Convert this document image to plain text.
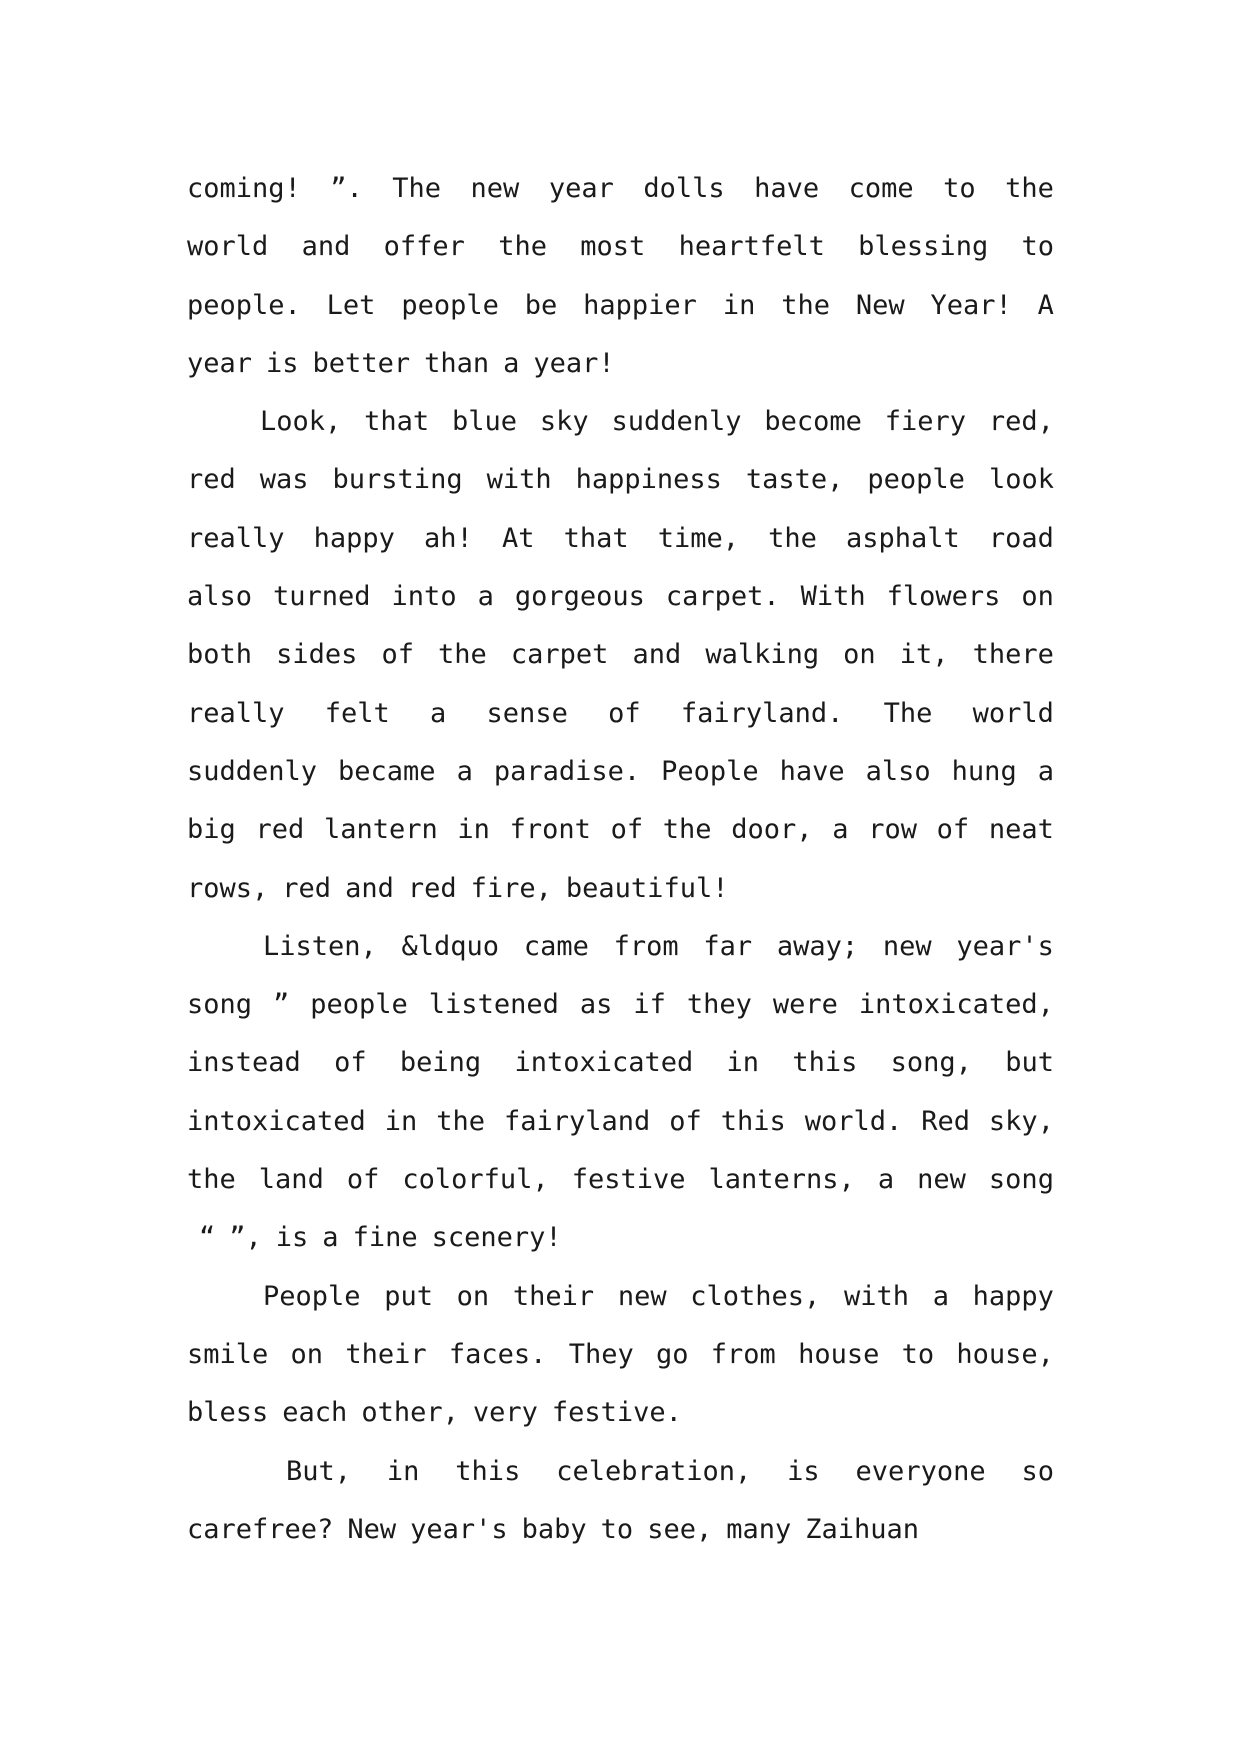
coming! ”. The new year dolls have come to the
world and offer the most heartfelt blessing to
people. Let people be happier in the New Year! A
year is better than a year!
Look, that blue sky suddenly become fiery red,
red was bursting with happiness taste, people look
really happy ah! At that time, the asphalt road
also turned into a gorgeous carpet. With flowers on
both sides of the carpet and walking on it, there
really felt a sense of fairyland. The world
suddenly became a paradise. People have also hung a
big red lantern in front of the door, a row of neat
rows, red and red fire, beautiful!
Listen, &ldquo came from far away; new year's
song ” people listened as if they were intoxicated,
instead of being intoxicated in this song, but
intoxicated in the fairyland of this world. Red sky,
the land of colorful, festive lanterns, a new song
“ ”, is a fine scenery!
People put on their new clothes, with a happy
smile on their faces. They go from house to house,
bless each other, very festive.
But, in this celebration, is everyone so
carefree? New year's baby to see, many Zaihuan
